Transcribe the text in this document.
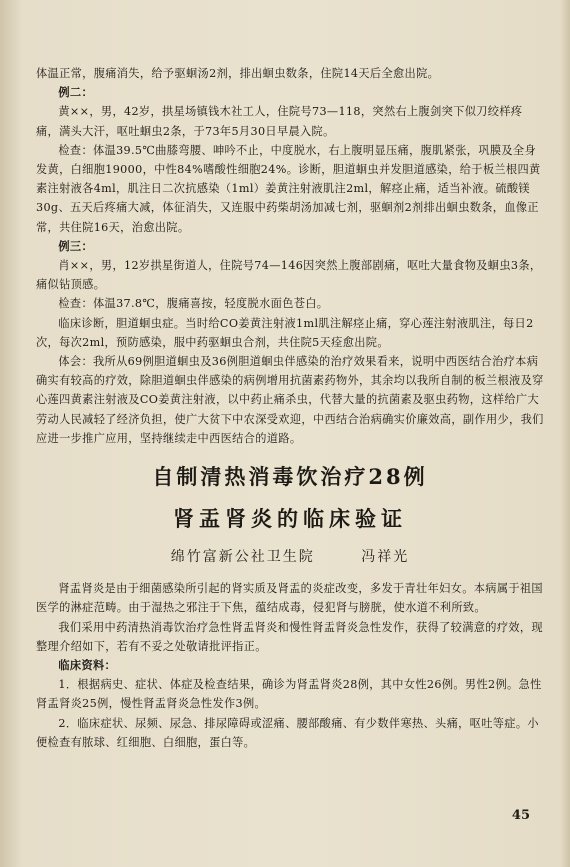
体温正常，腹痛消失，给予驱蛔汤2剂，排出蛔虫数条，住院14天后全愈出院。

例二：

黄××，男，42岁，拱星场镇钱木社工人，住院号73—118，突然右上腹剑突下似刀绞样疼痛，满头大汗，呕吐蛔虫2条，于73年5月30日早晨入院。

检查：体温39.5℃曲膝弯腰、呻吟不止，中度脱水，右上腹明显压痛，腹肌紧张，巩膜及全身发黄，白细胞19000，中性84%嗜酸性细胞24%。诊断，胆道蛔虫并发胆道感染，给于板兰根四黄素注射液各4ml，肌注日二次抗感染（1ml）姜黄注射液肌注2ml，解痉止痛，适当补液。硫酸镁30g、五天后疼痛大减，体征消失，又连服中药柴胡汤加减七剂，驱蛔剂2剂排出蛔虫数条，血像正常，共住院16天，治愈出院。

例三：

肖××，男，12岁拱星街道人，住院号74—146因突然上腹部剧痛，呕吐大量食物及蛔虫3条，痛似钻顶感。

检查：体温37.8℃，腹痛喜按，轻度脱水面色苍白。

临床诊断，胆道蛔虫症。当时给CO姜黄注射液1ml肌注解痉止痛，穿心莲注射液肌注，每日2次，每次2ml，预防感染，服中药驱蛔虫合剂，共住院5天痊愈出院。

体会：我所从69例胆道蛔虫及36例胆道蛔虫伴感染的治疗效果看来，说明中西医结合治疗本病确实有较高的疗效，除胆道蛔虫伴感染的病例增用抗菌素药物外，其余均以我所自制的板兰根液及穿心莲四黄素注射液及CO姜黄注射液，以中药止痛杀虫，代替大量的抗菌素及驱虫药物，这样给广大劳动人民减轻了经济负担，使广大贫下中农深受欢迎，中西结合治病确实价廉效高，副作用少，我们应进一步推广应用，坚持继续走中西医结合的道路。

自制清热消毒饮治疗28例
肾盂肾炎的临床验证
绵竹富新公社卫生院	冯祥光

肾盂肾炎是由于细菌感染所引起的肾实质及肾盂的炎症改变，多发于青壮年妇女。本病属于祖国医学的淋症范畴。由于湿热之邪注于下焦，蕴结成毒，侵犯肾与膀胱，使水道不利所致。

我们采用中药清热消毒饮治疗急性肾盂肾炎和慢性肾盂肾炎急性发作，获得了较满意的疗效，现整理介绍如下，若有不妥之处敬请批评指正。

临床资料：

1．根据病史、症状、体症及检查结果，确诊为肾盂肾炎28例，其中女性26例。男性2例。急性肾盂肾炎25例，慢性肾盂肾炎急性发作3例。

2．临床症状、尿频、尿急、排尿障碍或涩痛、腰部酸痛、有少数伴寒热、头痛，呕吐等症。小便检查有脓球、红细胞、白细胞，蛋白等。

45
